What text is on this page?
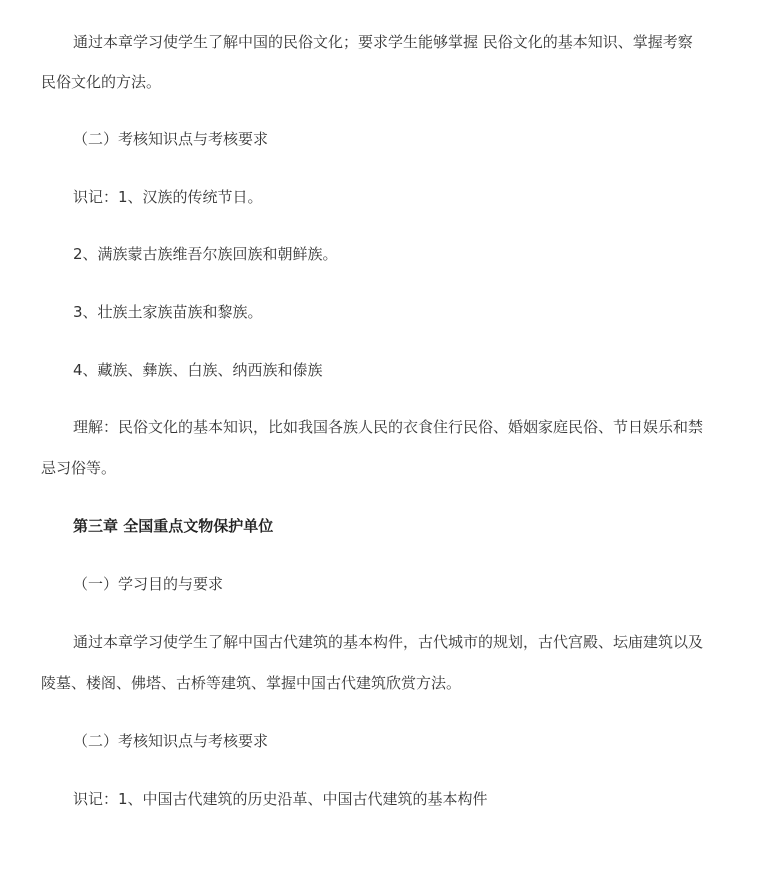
通过本章学习使学生了解中国的民俗文化；要求学生能够掌握 民俗文化的基本知识、掌握考察
民俗文化的方法。
（二）考核知识点与考核要求
识记：1、汉族的传统节日。
2、满族蒙古族维吾尔族回族和朝鲜族。
3、壮族土家族苗族和黎族。
4、藏族、彝族、白族、纳西族和傣族
理解：民俗文化的基本知识，比如我国各族人民的衣食住行民俗、婚姻家庭民俗、节日娱乐和禁
忌习俗等。
第三章 全国重点文物保护单位
（一）学习目的与要求
通过本章学习使学生了解中国古代建筑的基本构件，古代城市的规划，古代宫殿、坛庙建筑以及
陵墓、楼阁、佛塔、古桥等建筑、掌握中国古代建筑欣赏方法。
（二）考核知识点与考核要求
识记：1、中国古代建筑的历史沿革、中国古代建筑的基本构件
